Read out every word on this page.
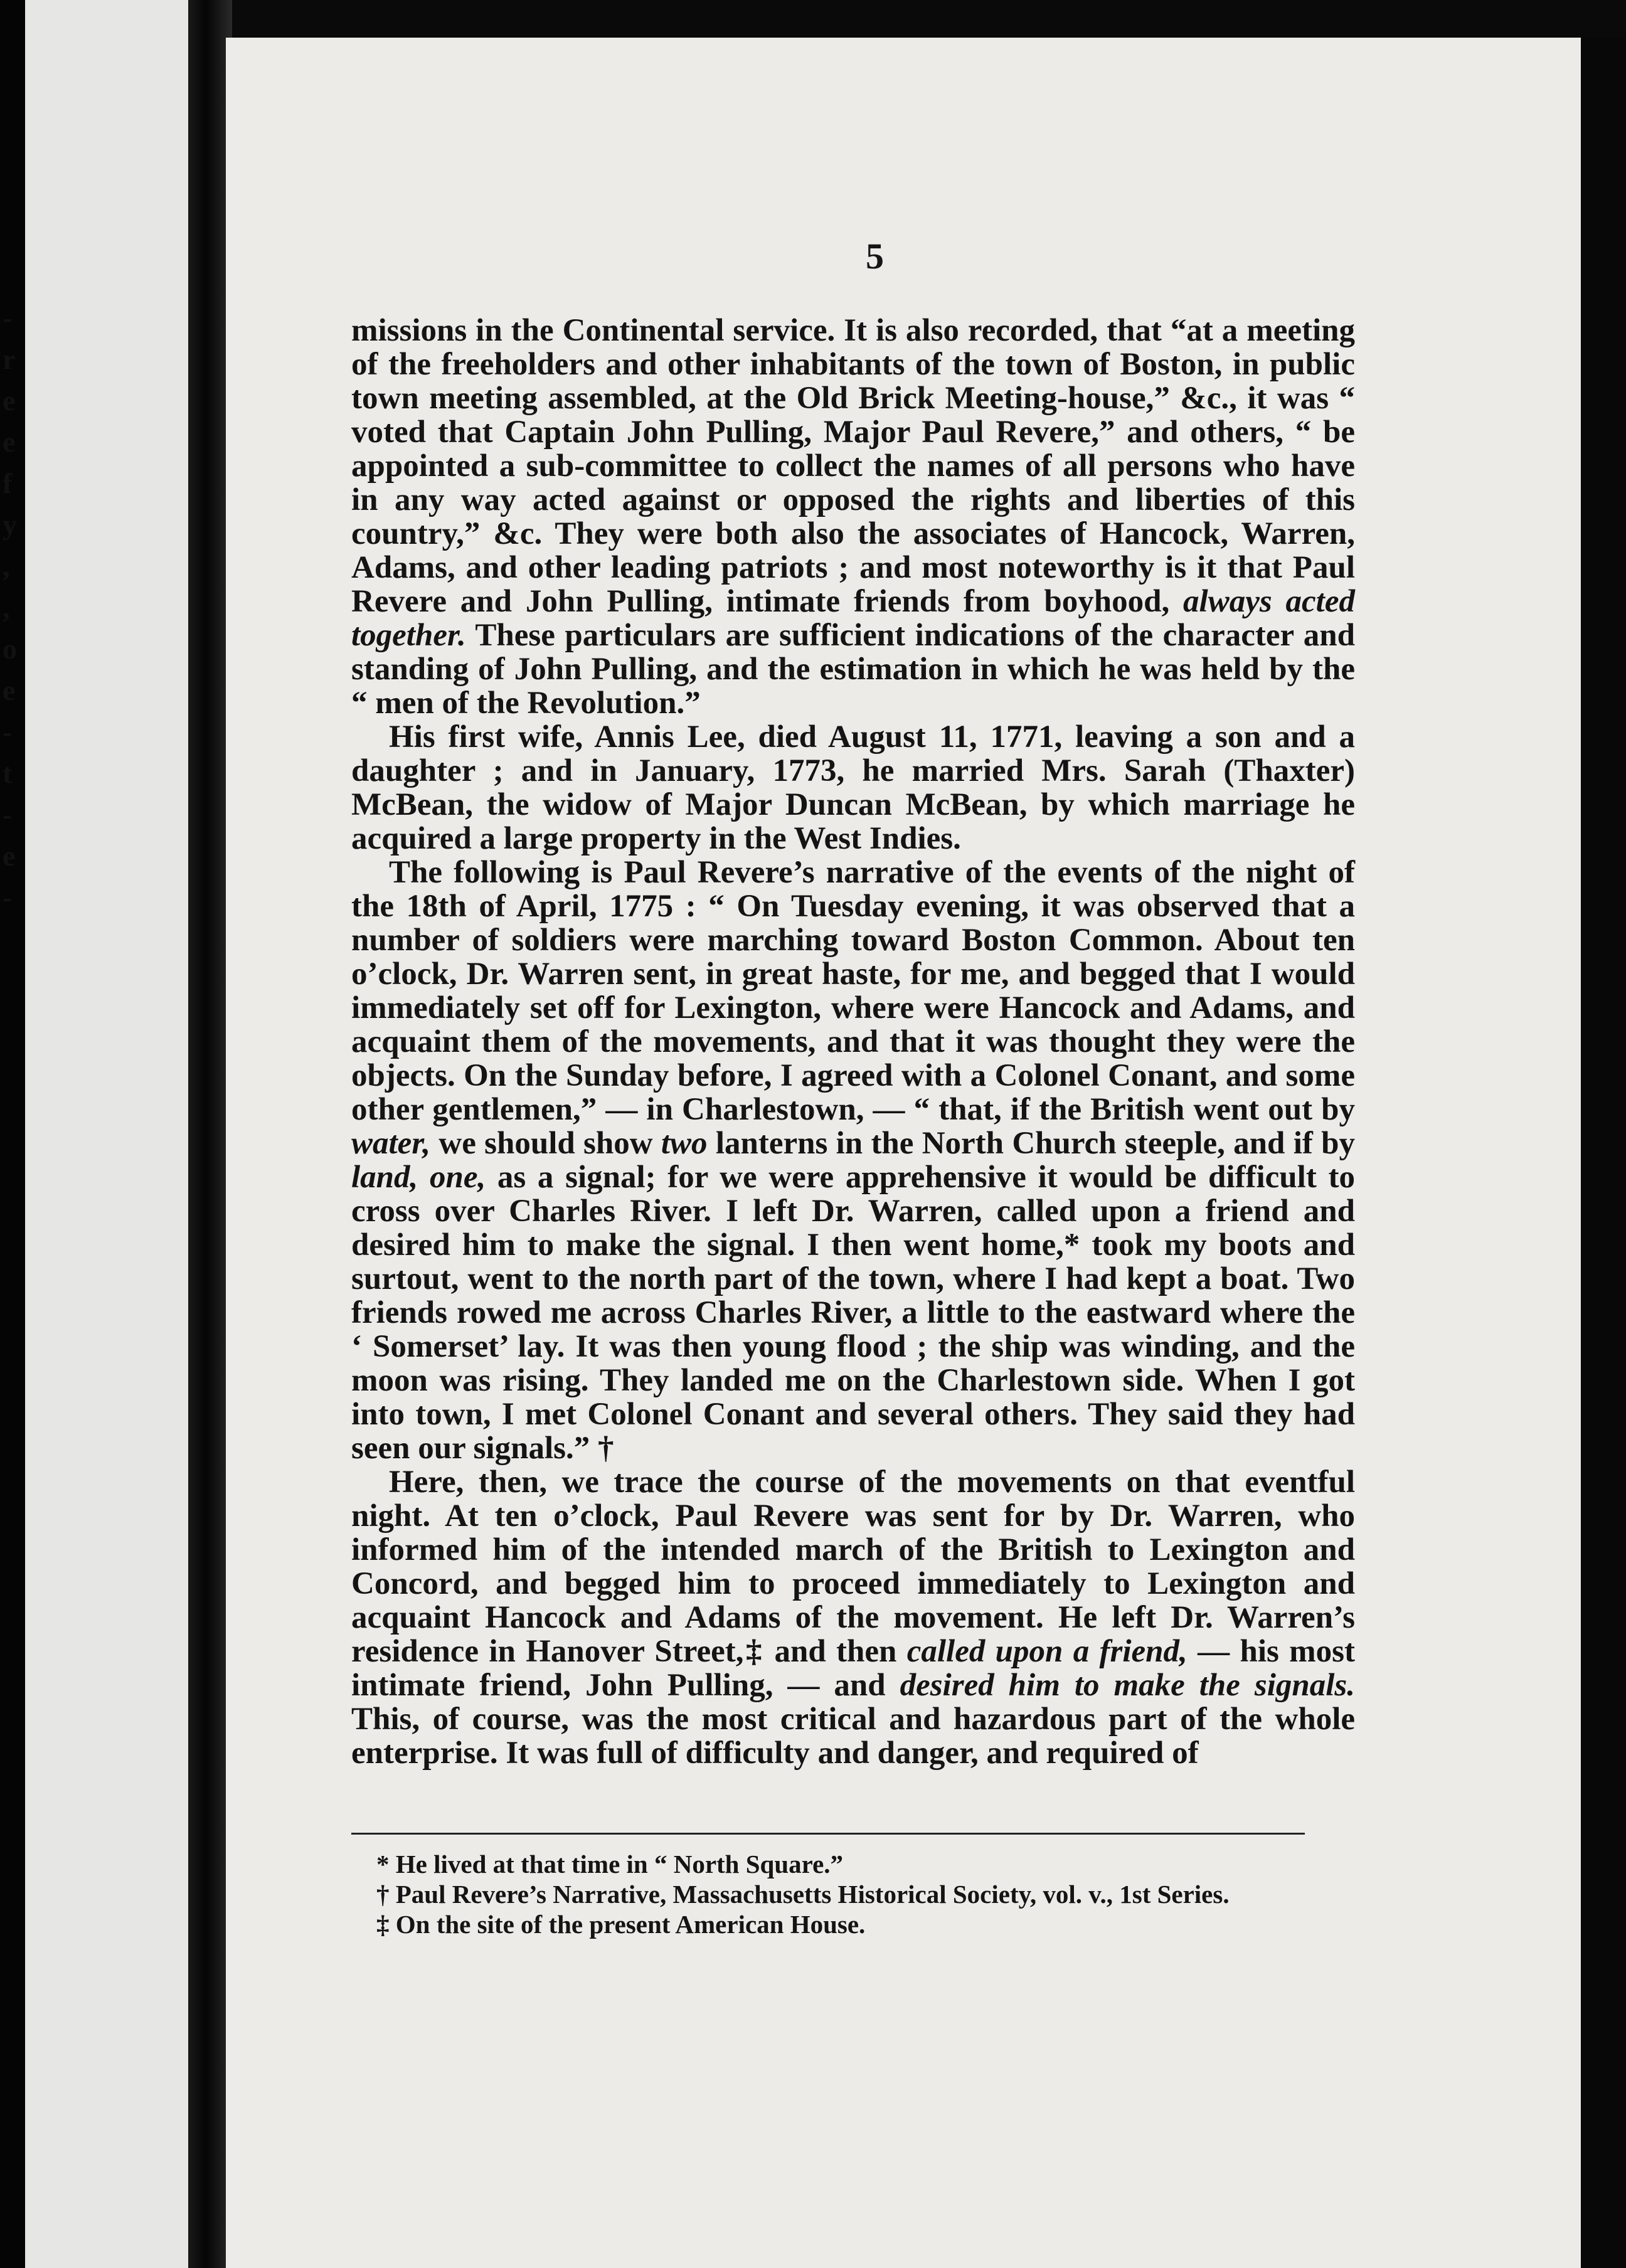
-
r
e
e
f
y
,
,
o
e
-
t
-
e
-
5

missions in the Continental service. It is also recorded, that “at a meeting of the freeholders and other inhabitants of the town of Boston, in public town meeting assembled, at the Old Brick Meeting-house,” &c., it was “ voted that Captain John Pulling, Major Paul Revere,” and others, “ be appointed a sub-committee to collect the names of all persons who have in any way acted against or opposed the rights and liberties of this country,” &c. They were both also the associates of Hancock, Warren, Adams, and other leading patriots ; and most noteworthy is it that Paul Revere and John Pulling, intimate friends from boyhood, always acted together. These particulars are sufficient indications of the character and standing of John Pulling, and the estimation in which he was held by the “ men of the Revolution.”

His first wife, Annis Lee, died August 11, 1771, leaving a son and a daughter ; and in January, 1773, he married Mrs. Sarah (Thaxter) McBean, the widow of Major Duncan McBean, by which marriage he acquired a large property in the West Indies.

The following is Paul Revere’s narrative of the events of the night of the 18th of April, 1775 : “ On Tuesday evening, it was observed that a number of soldiers were marching toward Boston Common. About ten o’clock, Dr. Warren sent, in great haste, for me, and begged that I would immediately set off for Lexington, where were Hancock and Adams, and acquaint them of the movements, and that it was thought they were the objects. On the Sunday before, I agreed with a Colonel Conant, and some other gentlemen,” — in Charlestown, — “ that, if the British went out by water, we should show two lanterns in the North Church steeple, and if by land, one, as a signal; for we were apprehensive it would be difficult to cross over Charles River. I left Dr. Warren, called upon a friend and desired him to make the signal. I then went home,* took my boots and surtout, went to the north part of the town, where I had kept a boat. Two friends rowed me across Charles River, a little to the eastward where the ‘ Somerset’ lay. It was then young flood ; the ship was winding, and the moon was rising. They landed me on the Charlestown side. When I got into town, I met Colonel Conant and several others. They said they had seen our signals.” †

Here, then, we trace the course of the movements on that eventful night. At ten o’clock, Paul Revere was sent for by Dr. Warren, who informed him of the intended march of the British to Lexington and Concord, and begged him to proceed immediately to Lexington and acquaint Hancock and Adams of the movement. He left Dr. Warren’s residence in Hanover Street,‡ and then called upon a friend, — his most intimate friend, John Pulling, — and desired him to make the signals. This, of course, was the most critical and hazardous part of the whole enterprise. It was full of difficulty and danger, and required of

* He lived at that time in “ North Square.”

† Paul Revere’s Narrative, Massachusetts Historical Society, vol. v., 1st Series.

‡ On the site of the present American House.
